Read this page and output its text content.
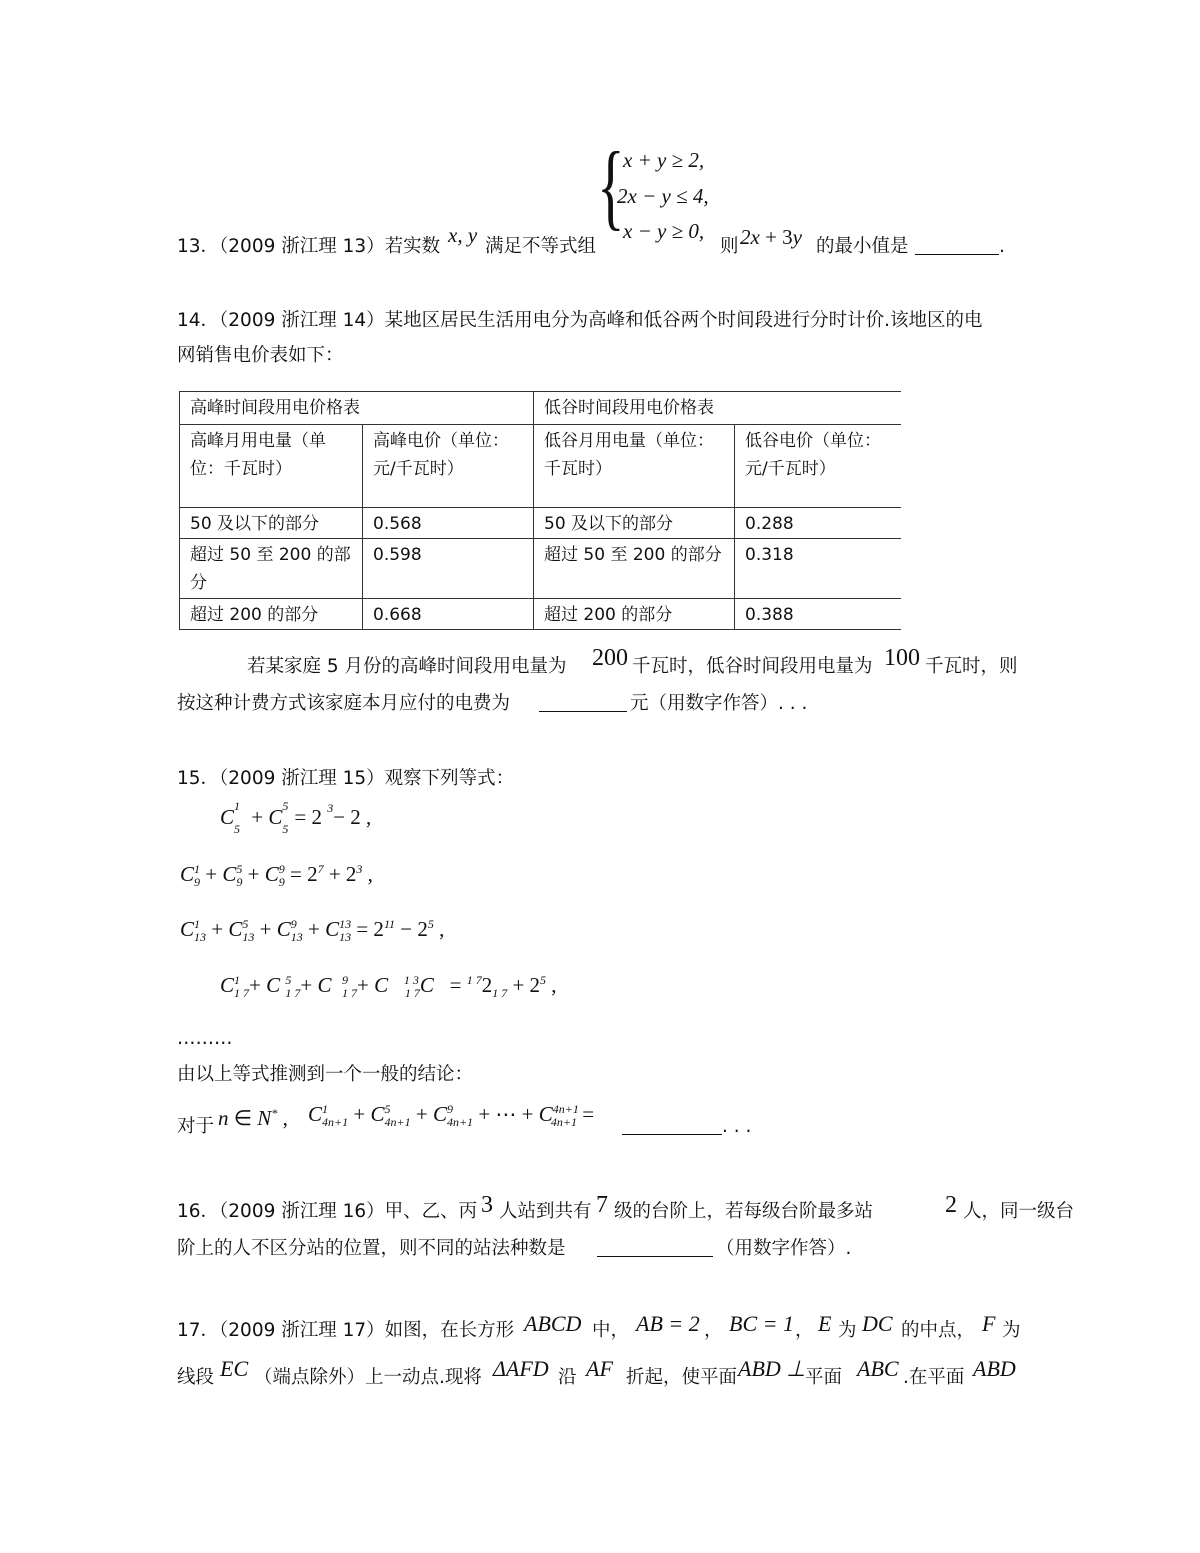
{
x + y ≥ 2,
2x − y ≤ 4,
x − y ≥ 0,
13．（2009 浙江理 13）若实数 x, y 满足不等式组	则 2x + 3y 的最小值是	.
14．（2009 浙江理 14）某地区居民生活用电分为高峰和低谷两个时间段进行分时计价.该地区的电
网销售电价表如下：
高峰时间段用电价格表		低谷时间段用电价格表	
高峰月用电量（单位：千瓦时）	高峰电价（单位：元/千瓦时）	低谷月用电量（单位：千瓦时）	低谷电价（单位：元/千瓦时）
50 及以下的部分	0.568	50 及以下的部分	0.288
超过 50 至 200 的部分	0.598	超过 50 至 200 的部分	0.318
超过 200 的部分	0.668	超过 200 的部分	0.388
若某家庭 5 月份的高峰时间段用电量为 200 千瓦时，低谷时间段用电量为 100 千瓦时，则
按这种计费方式该家庭本月应付的电费为	元（用数字作答）. . .
15．（2009 浙江理 15）观察下列等式：
$C^1_5 + C^5_5= 2$ $^3$− 2 ,
$C^1_9 + C^5_9 + C^9_9 = 2^7 + 2^3$ ,
$C^1_{13} + C^5_{13} + C^9_{13} + C^{13}_{13} = 2^{11} - 2^5$ ,
$C^1_{1 7}+ C$ $^5_{1 7}$+ C $^9_{1 7}$+ C $^{1 3}_{1 7}C = ^{1 7}2_{1 7} + 2^5$ ,
………
由以上等式推测到一个一般的结论：
对于 n ∈ N* , $C^1_{4n+1} + C^5_{4n+1} + C^9_{4n+1}$ + ⋯ + $C^{4n+1}_{4n+1}$ =
. . .
16．（2009 浙江理 16）甲、乙、丙 3 人站到共有 7 级的台阶上，若每级台阶最多站	2 人，同一级台
阶上的人不区分站的位置，则不同的站法种数是	（用数字作答）.
17．（2009 浙江理 17）如图，在长方形 ABCD 中， AB = 2 ， BC = 1 ， E 为 DC 的中点， F 为
线段 EC （端点除外）上一动点.现将 ΔAFD 沿 AF 折起，使平面 ABD ⊥ 平面 ABC .在平面 ABD
